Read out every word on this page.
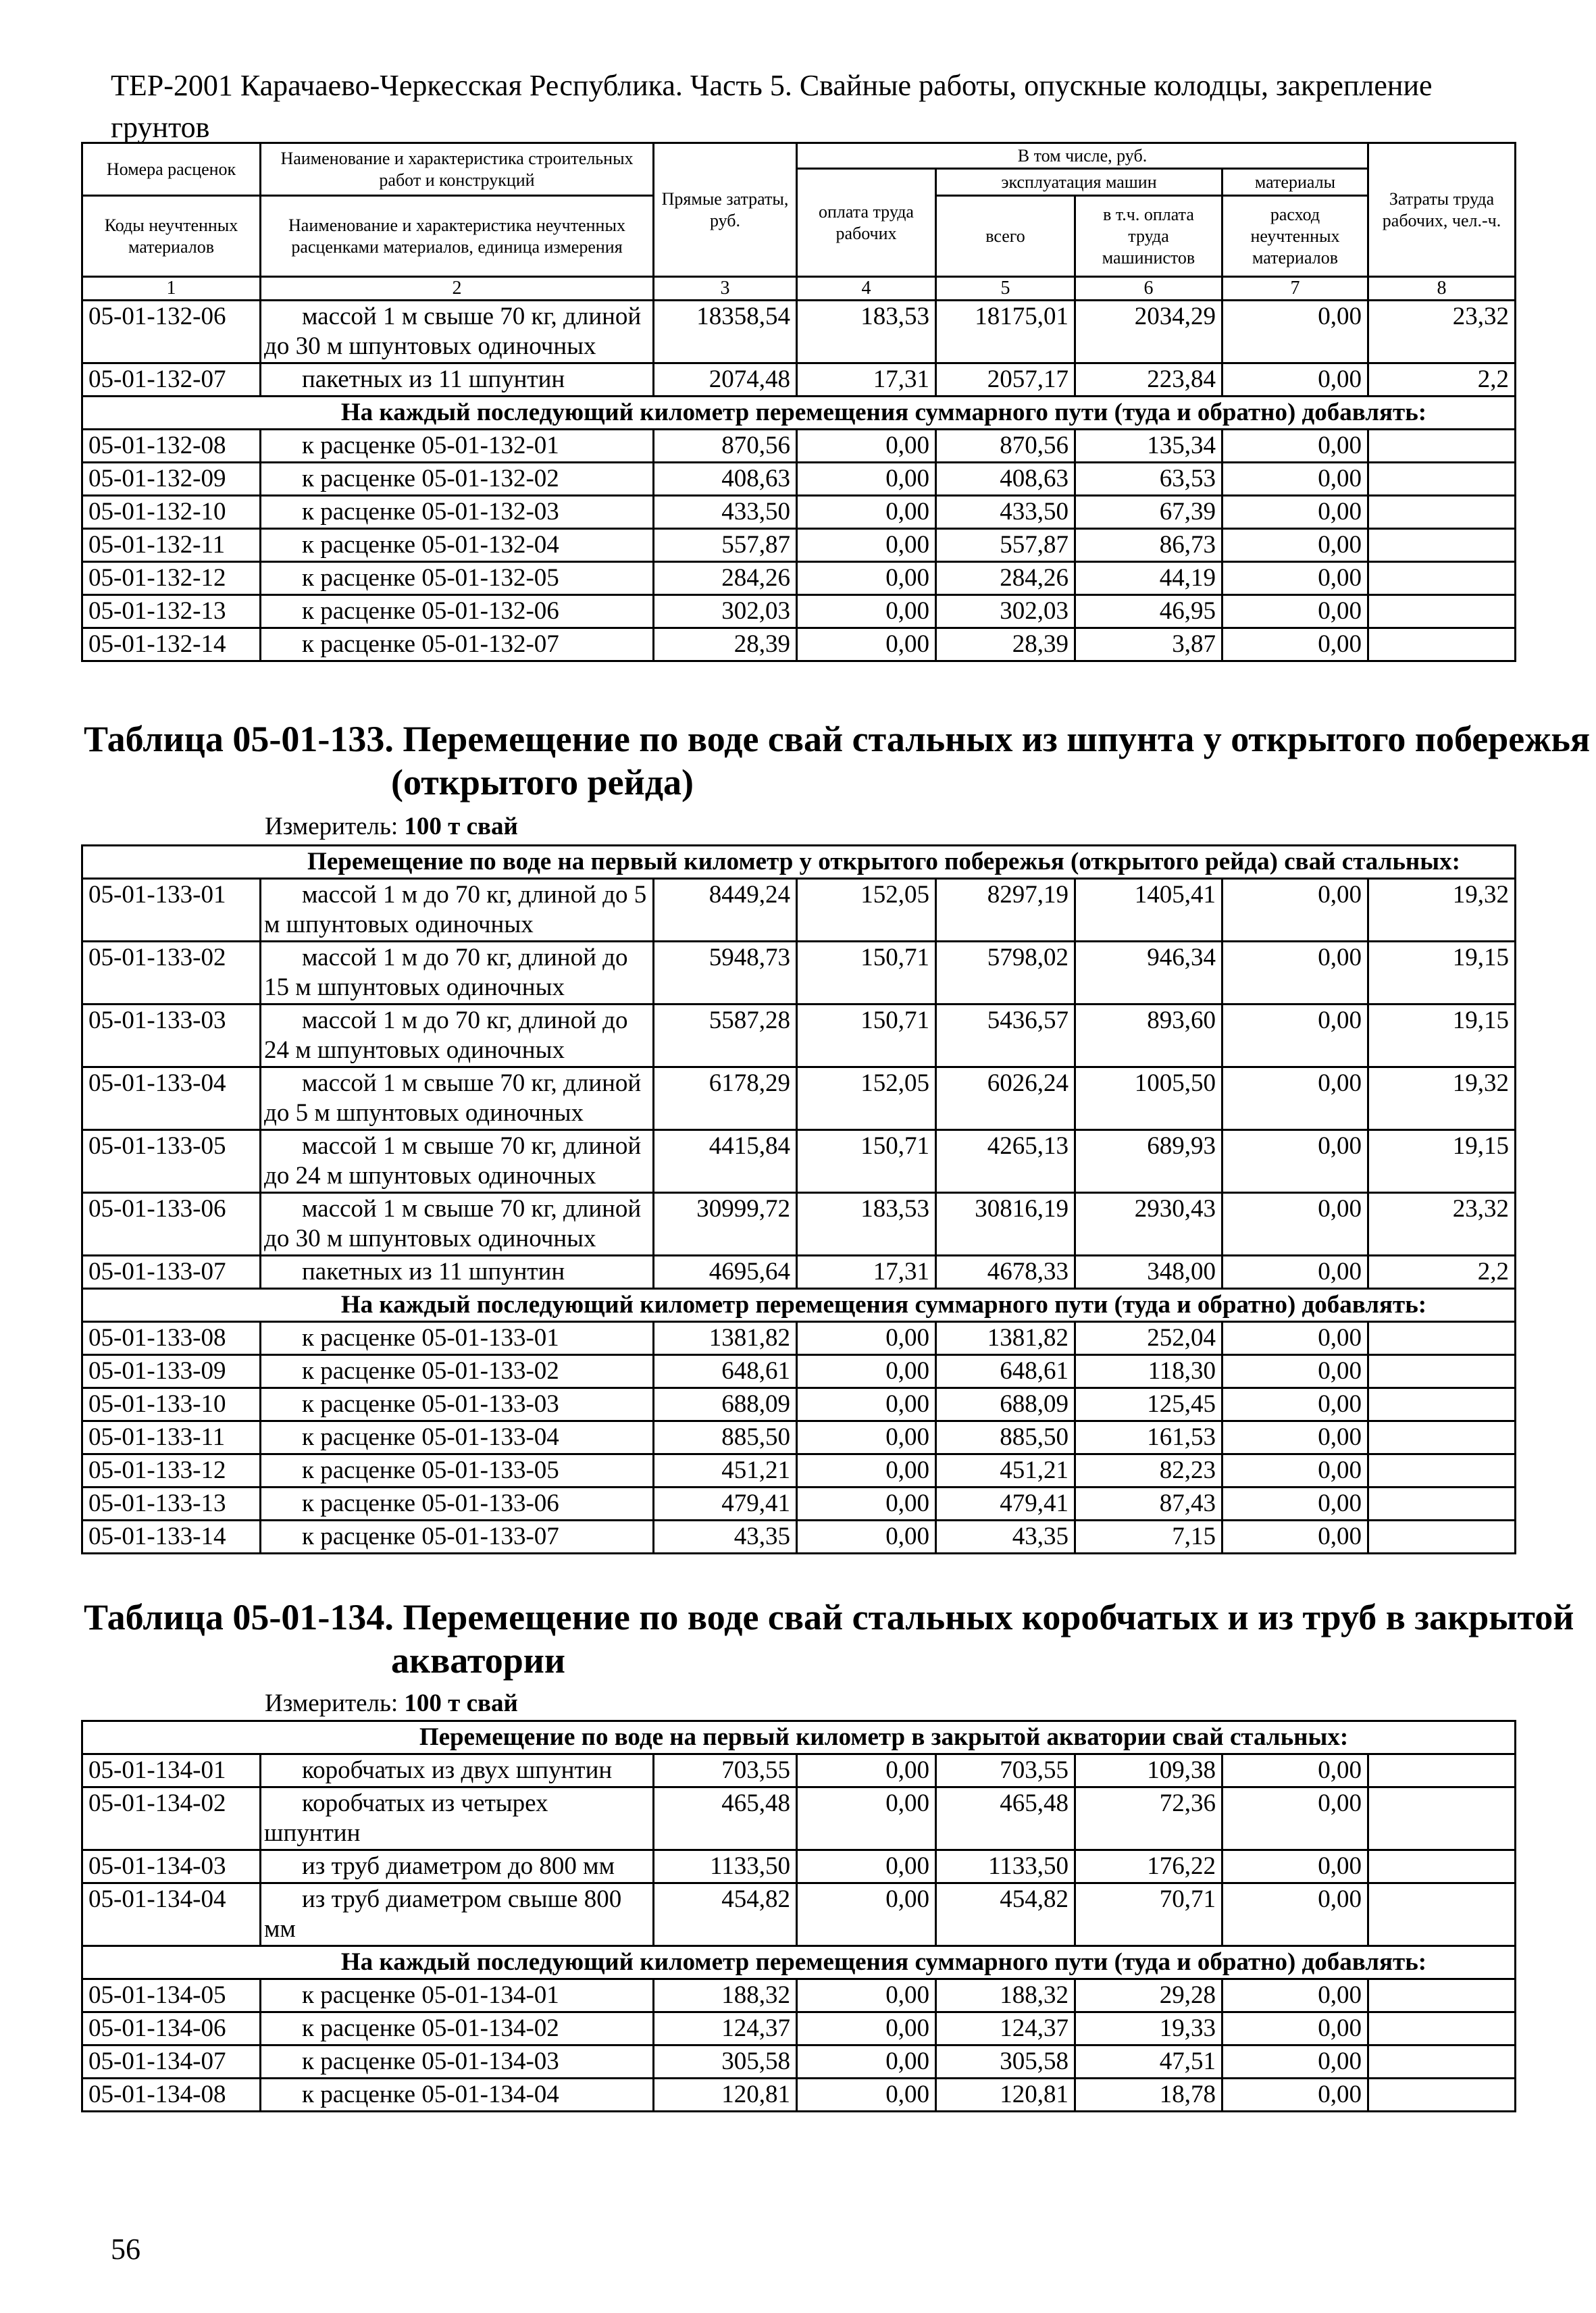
ТЕР-2001 Карачаево-Черкесская Республика. Часть 5. Свайные работы, опускные колодцы, закрепление грунтов
Номера расценок	Наименование и характеристика строительных работ и конструкций	Прямые затраты, руб.	В том числе, руб.				Затраты труда рабочих, чел.-ч.
			оплата труда рабочих	эксплуатация машин		материалы	
Коды неучтенных материалов	Наименование и характеристика неучтенных расценками материалов, единица измерения			всего	в т.ч. оплата труда машинистов	расход неучтенных материалов	

1	2	3	4	5	6	7	8
05-01-132-06	массой 1 м свыше 70 кг, длиной до 30 м шпунтовых одиночных	18358,54	183,53	18175,01	2034,29	0,00	23,32
05-01-132-07	пакетных из 11 шпунтин	2074,48	17,31	2057,17	223,84	0,00	2,2
На каждый последующий километр перемещения суммарного пути (туда и обратно) добавлять:							
05-01-132-08	к расценке 05-01-132-01	870,56	0,00	870,56	135,34	0,00	
05-01-132-09	к расценке 05-01-132-02	408,63	0,00	408,63	63,53	0,00	
05-01-132-10	к расценке 05-01-132-03	433,50	0,00	433,50	67,39	0,00	
05-01-132-11	к расценке 05-01-132-04	557,87	0,00	557,87	86,73	0,00	
05-01-132-12	к расценке 05-01-132-05	284,26	0,00	284,26	44,19	0,00	
05-01-132-13	к расценке 05-01-132-06	302,03	0,00	302,03	46,95	0,00	
05-01-132-14	к расценке 05-01-132-07	28,39	0,00	28,39	3,87	0,00	
Таблица 05-01-133. Перемещение по воде свай стальных из шпунта у открытого побережья
(открытого рейда)
Измеритель: 100 т свай
Перемещение по воде на первый километр у открытого побережья (открытого рейда) свай стальных:							
05-01-133-01	массой 1 м до 70 кг, длиной до 5 м шпунтовых одиночных	8449,24	152,05	8297,19	1405,41	0,00	19,32
05-01-133-02	массой 1 м до 70 кг, длиной до 15 м шпунтовых одиночных	5948,73	150,71	5798,02	946,34	0,00	19,15
05-01-133-03	массой 1 м до 70 кг, длиной до 24 м шпунтовых одиночных	5587,28	150,71	5436,57	893,60	0,00	19,15
05-01-133-04	массой 1 м свыше 70 кг, длиной до 5 м шпунтовых одиночных	6178,29	152,05	6026,24	1005,50	0,00	19,32
05-01-133-05	массой 1 м свыше 70 кг, длиной до 24 м шпунтовых одиночных	4415,84	150,71	4265,13	689,93	0,00	19,15
05-01-133-06	массой 1 м свыше 70 кг, длиной до 30 м шпунтовых одиночных	30999,72	183,53	30816,19	2930,43	0,00	23,32
05-01-133-07	пакетных из 11 шпунтин	4695,64	17,31	4678,33	348,00	0,00	2,2
На каждый последующий километр перемещения суммарного пути (туда и обратно) добавлять:							
05-01-133-08	к расценке 05-01-133-01	1381,82	0,00	1381,82	252,04	0,00	
05-01-133-09	к расценке 05-01-133-02	648,61	0,00	648,61	118,30	0,00	
05-01-133-10	к расценке 05-01-133-03	688,09	0,00	688,09	125,45	0,00	
05-01-133-11	к расценке 05-01-133-04	885,50	0,00	885,50	161,53	0,00	
05-01-133-12	к расценке 05-01-133-05	451,21	0,00	451,21	82,23	0,00	
05-01-133-13	к расценке 05-01-133-06	479,41	0,00	479,41	87,43	0,00	
05-01-133-14	к расценке 05-01-133-07	43,35	0,00	43,35	7,15	0,00	
Таблица 05-01-134. Перемещение по воде свай стальных коробчатых и из труб в закрытой
акватории
Измеритель: 100 т свай
Перемещение по воде на первый километр в закрытой акватории свай стальных:							
05-01-134-01	коробчатых из двух шпунтин	703,55	0,00	703,55	109,38	0,00	
05-01-134-02	коробчатых из четырех шпунтин	465,48	0,00	465,48	72,36	0,00	
05-01-134-03	из труб диаметром до 800 мм	1133,50	0,00	1133,50	176,22	0,00	
05-01-134-04	из труб диаметром свыше 800 мм	454,82	0,00	454,82	70,71	0,00	
На каждый последующий километр перемещения суммарного пути (туда и обратно) добавлять:							
05-01-134-05	к расценке 05-01-134-01	188,32	0,00	188,32	29,28	0,00	
05-01-134-06	к расценке 05-01-134-02	124,37	0,00	124,37	19,33	0,00	
05-01-134-07	к расценке 05-01-134-03	305,58	0,00	305,58	47,51	0,00	
05-01-134-08	к расценке 05-01-134-04	120,81	0,00	120,81	18,78	0,00	
56
